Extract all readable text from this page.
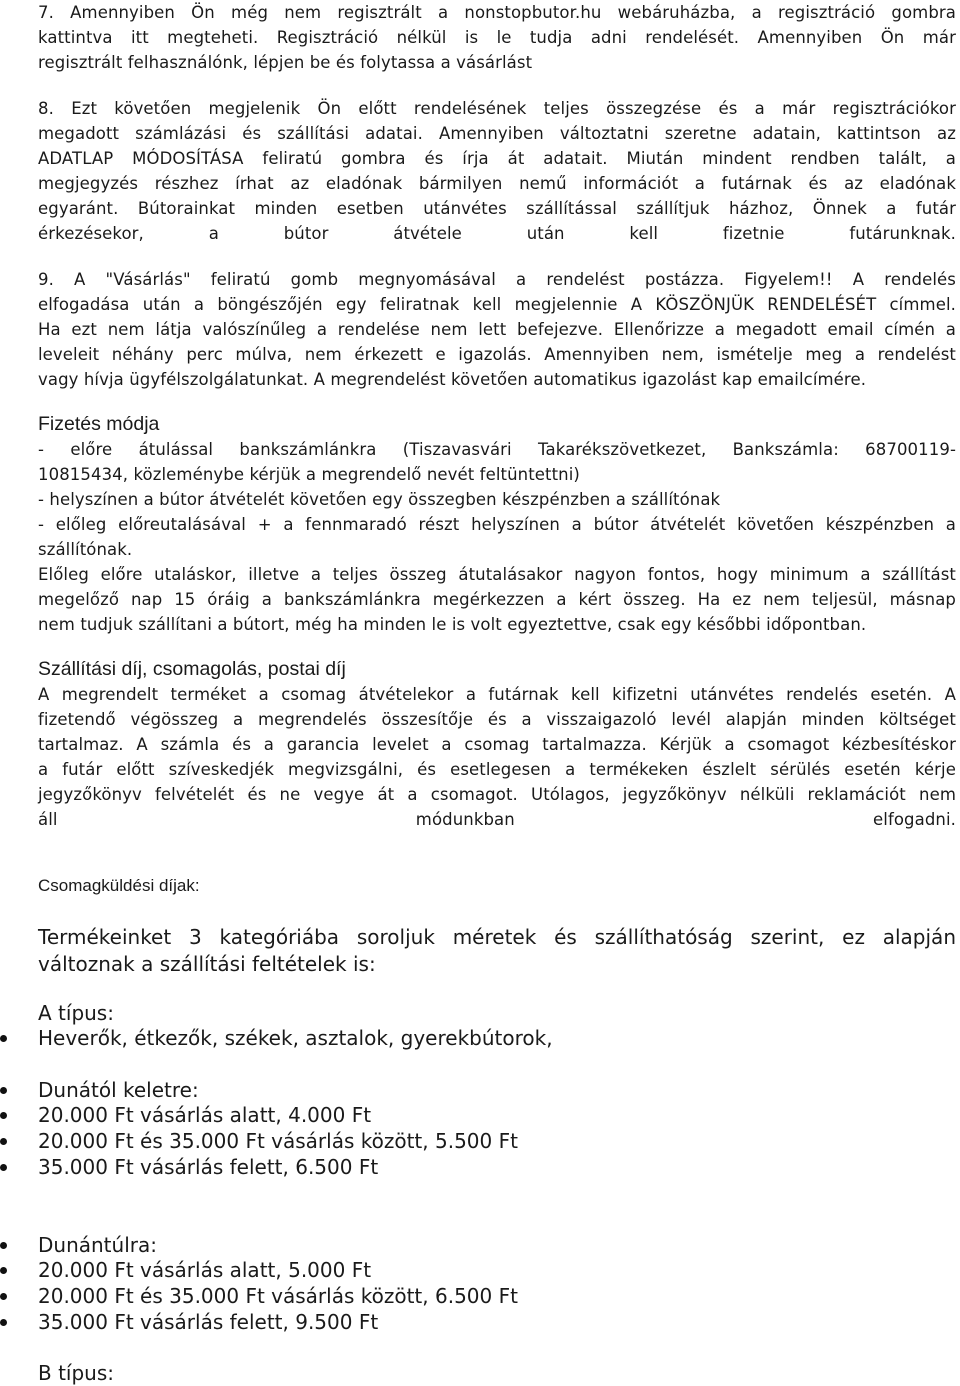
7. Amennyiben Ön még nem regisztrált a nonstopbutor.hu webáruházba, a regisztráció gombra
kattintva itt megteheti. Regisztráció nélkül is le tudja adni rendelését. Amennyiben Ön már
regisztrált felhasználónk, lépjen be és folytassa a vásárlást

8. Ezt követően megjelenik Ön előtt rendelésének teljes összegzése és a már regisztrációkor
megadott számlázási és szállítási adatai. Amennyiben változtatni szeretne adatain, kattintson az
ADATLAP MÓDOSÍTÁSA feliratú gombra és írja át adatait. Miután mindent rendben talált, a
megjegyzés részhez írhat az eladónak bármilyen nemű információt a futárnak és az eladónak
egyaránt. Bútorainkat minden esetben utánvétes szállítással szállítjuk házhoz, Önnek a futár
érkezésekor, a bútor átvétele után kell fizetnie futárunknak.

9. A "Vásárlás" feliratú gomb megnyomásával a rendelést postázza. Figyelem!! A rendelés
elfogadása után a böngészőjén egy feliratnak kell megjelennie A KÖSZÖNJÜK RENDELÉSÉT címmel.
Ha ezt nem látja valószínűleg a rendelése nem lett befejezve. Ellenőrizze a megadott email címén a
leveleit néhány perc múlva, nem érkezett e igazolás. Amennyiben nem, ismételje meg a rendelést
vagy hívja ügyfélszolgálatunkat. A megrendelést követően automatikus igazolást kap emailcímére.

Fizetés módja

- előre átulással bankszámlánkra (Tiszavasvári Takarékszövetkezet, Bankszámla: 68700119-
10815434, közleménybe kérjük a megrendelő nevét feltüntettni)
- helyszínen a bútor átvételét követően egy összegben készpénzben a szállítónak
- előleg előreutalásával + a fennmaradó részt helyszínen a bútor átvételét követően készpénzben a
szállítónak.
Előleg előre utaláskor, illetve a teljes összeg átutalásakor nagyon fontos, hogy minimum a szállítást
megelőző nap 15 óráig a bankszámlánkra megérkezzen a kért összeg. Ha ez nem teljesül, másnap
nem tudjuk szállítani a bútort, még ha minden le is volt egyeztettve, csak egy későbbi időpontban.

Szállítási díj, csomagolás, postai díj

A megrendelt terméket a csomag átvételekor a futárnak kell kifizetni utánvétes rendelés esetén. A
fizetendő végösszeg a megrendelés összesítője és a visszaigazoló levél alapján minden költséget
tartalmaz. A számla és a garancia levelet a csomag tartalmazza. Kérjük a csomagot kézbesítéskor
a futár előtt szíveskedjék megvizsgálni, és esetlegesen a termékeken észlelt sérülés esetén kérje
jegyzőkönyv felvételét és ne vegye át a csomagot. Utólagos, jegyzőkönyv nélküli reklamációt nem
áll módunkban elfogadni.

Csomagküldési díjak:

Termékeinket 3 kategóriába soroljuk méretek és szállíthatóság szerint, ez alapján
változnak a szállítási feltételek is:

A típus:
Heverők, étkezők, székek, asztalok, gyerekbútorok,
Dunától keletre:
20.000 Ft vásárlás alatt, 4.000 Ft
20.000 Ft és 35.000 Ft vásárlás között, 5.500 Ft
35.000 Ft vásárlás felett, 6.500 Ft
Dunántúlra:
20.000 Ft vásárlás alatt, 5.000 Ft
20.000 Ft és 35.000 Ft vásárlás között, 6.500 Ft
35.000 Ft vásárlás felett, 9.500 Ft
B típus:
